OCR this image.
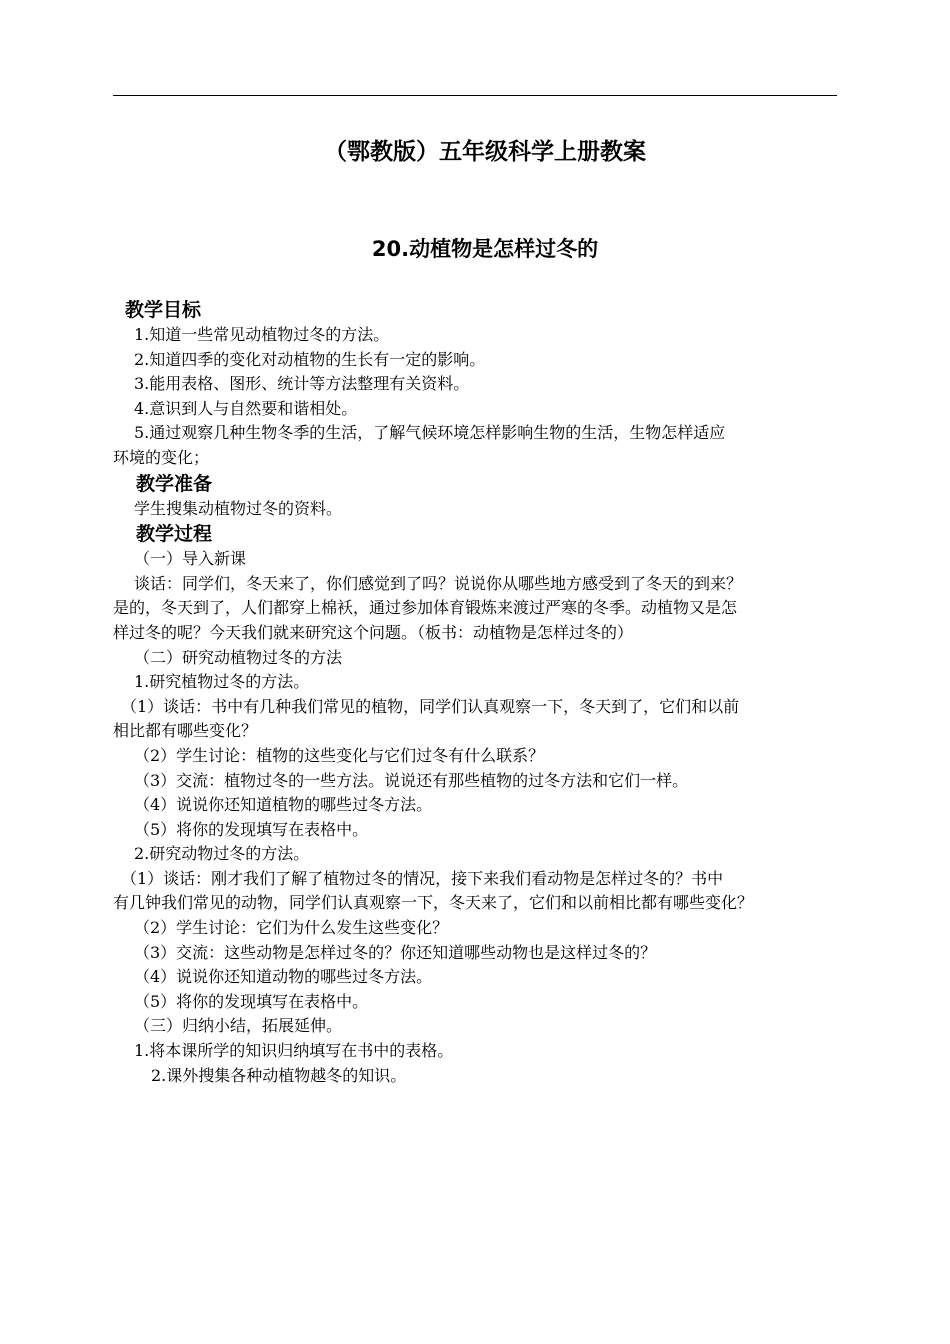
（鄂教版）五年级科学上册教案
20.动植物是怎样过冬的
教学目标
1.知道一些常见动植物过冬的方法。
2.知道四季的变化对动植物的生长有一定的影响。
3.能用表格、图形、统计等方法整理有关资料。
4.意识到人与自然要和谐相处。
5.通过观察几种生物冬季的生活，了解气候环境怎样影响生物的生活，生物怎样适应
环境的变化；
教学准备
学生搜集动植物过冬的资料。
教学过程
（一）导入新课
谈话：同学们，冬天来了，你们感觉到了吗？说说你从哪些地方感受到了冬天的到来？
是的，冬天到了，人们都穿上棉袄，通过参加体育锻炼来渡过严寒的冬季。动植物又是怎
样过冬的呢？今天我们就来研究这个问题。（板书：动植物是怎样过冬的）
（二）研究动植物过冬的方法
1.研究植物过冬的方法。
（1）谈话：书中有几种我们常见的植物，同学们认真观察一下，冬天到了，它们和以前
相比都有哪些变化？
（2）学生讨论：植物的这些变化与它们过冬有什么联系？
（3）交流：植物过冬的一些方法。说说还有那些植物的过冬方法和它们一样。
（4）说说你还知道植物的哪些过冬方法。
（5）将你的发现填写在表格中。
2.研究动物过冬的方法。
（1）谈话：刚才我们了解了植物过冬的情况，接下来我们看动物是怎样过冬的？书中
有几钟我们常见的动物，同学们认真观察一下，冬天来了，它们和以前相比都有哪些变化？
（2）学生讨论：它们为什么发生这些变化？
（3）交流：这些动物是怎样过冬的？你还知道哪些动物也是这样过冬的？
（4）说说你还知道动物的哪些过冬方法。
（5）将你的发现填写在表格中。
（三）归纳小结，拓展延伸。
1.将本课所学的知识归纳填写在书中的表格。
2.课外搜集各种动植物越冬的知识。
